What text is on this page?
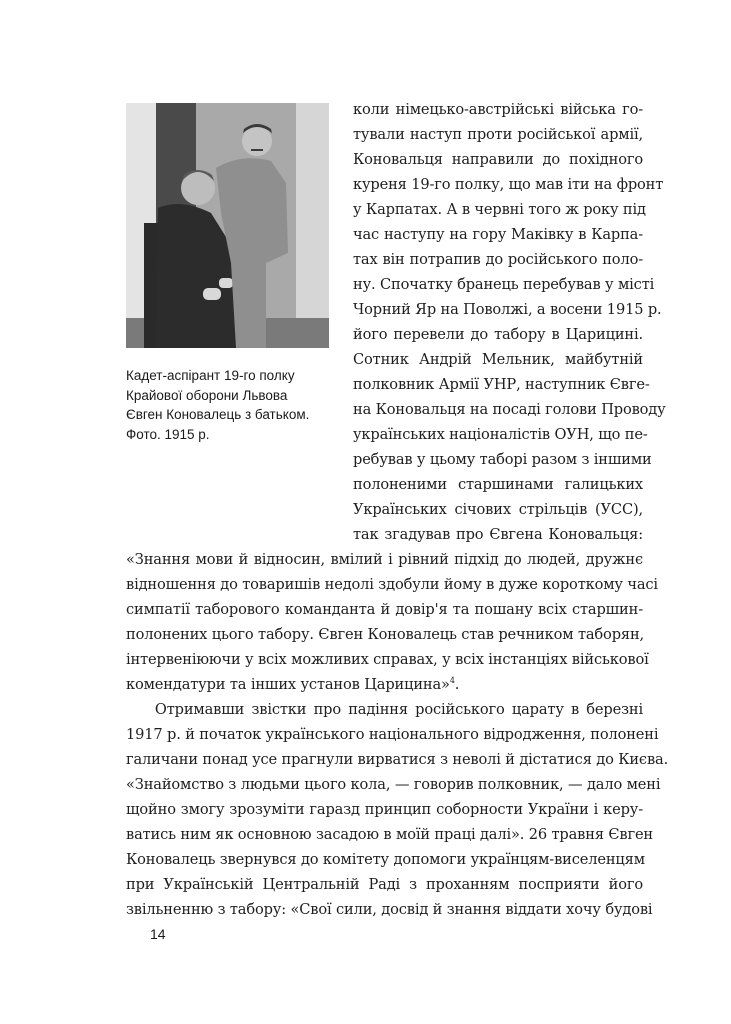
Кадет-аспірант 19-го полку
Крайової оборони Львова
Євген Коновалець з батьком.
Фото. 1915 р.
коли німецько-австрійські війська го-
тували наступ проти російської армії,
Коновальця направили до похідного
куреня 19-го полку, що мав іти на фронт
у Карпатах. А в червні того ж року під
час наступу на гору Маківку в Карпа-
тах він потрапив до російського поло-
ну. Спочатку бранець перебував у місті
Чорний Яр на Поволжі, а восени 1915 р.
його перевели до табору в Царицині.
Сотник Андрій Мельник, майбутній
полковник Армії УНР, наступник Євге-
на Коновальця на посаді голови Проводу
українських націоналістів ОУН, що пе-
ребував у цьому таборі разом з іншими
полоненими старшинами галицьких
Українських січових стрільців (УСС),
так згадував про Євгена Коновальця:
«Знання мови й відносин, вмілий і рівний підхід до людей, дружнє
відношення до товаришів недолі здобули йому в дуже короткому часі
симпатії таборового команданта й довір'я та пошану всіх старшин-
полонених цього табору. Євген Коновалець став речником таборян,
інтервеніюючи у всіх можливих справах, у всіх інстанціях військової
комендатури та інших установ Царицина»$^4$.
Отримавши звістки про падіння російського царату в березні
1917 р. й початок українського національного відродження, полонені
галичани понад усе прагнули вирватися з неволі й дістатися до Києва.
«Знайомство з людьми цього кола, — говорив полковник, — дало мені
щойно змогу зрозуміти гаразд принцип соборности України і керу-
ватись ним як основною засадою в моїй праці далі». 26 травня Євген
Коновалець звернувся до комітету допомоги українцям-виселенцям
при Українській Центральній Раді з проханням посприяти його
звільненню з табору: «Свої сили, досвід й знання віддати хочу будові
14
